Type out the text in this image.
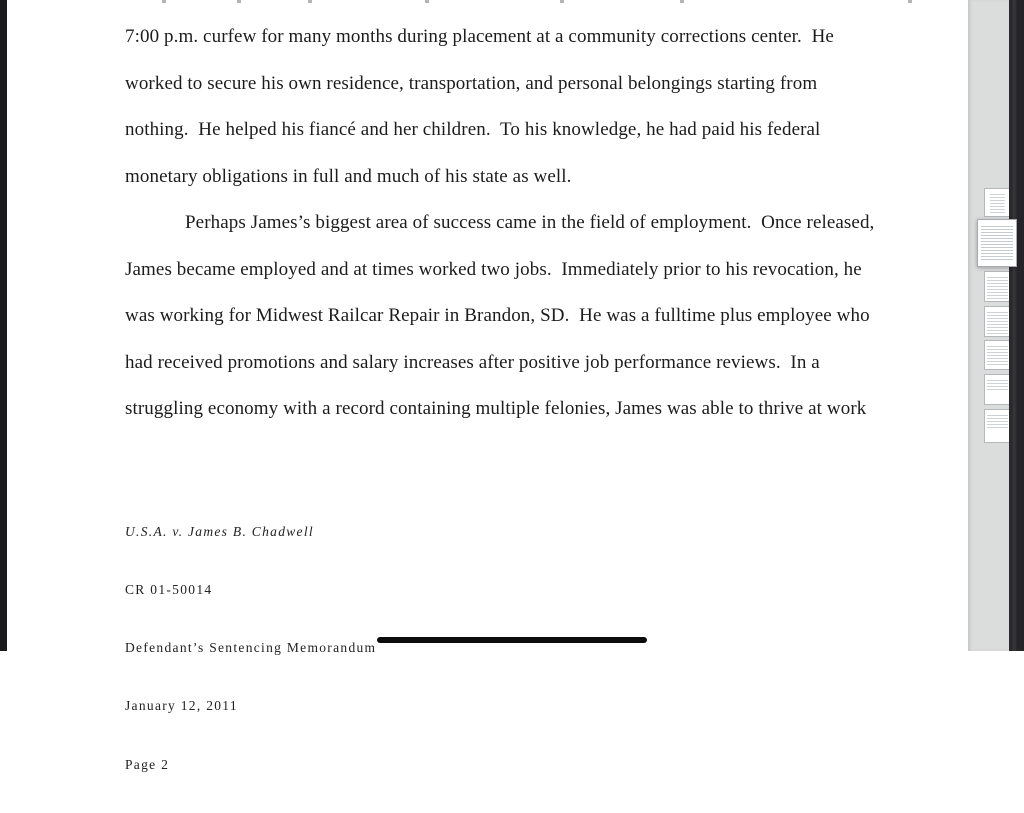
7:00 p.m. curfew for many months during placement at a community corrections center.  He
worked to secure his own residence, transportation, and personal belongings starting from
nothing.  He helped his fiancé and her children.  To his knowledge, he had paid his federal
monetary obligations in full and much of his state as well.
Perhaps James’s biggest area of success came in the field of employment.  Once released,
James became employed and at times worked two jobs.  Immediately prior to his revocation, he
was working for Midwest Railcar Repair in Brandon, SD.  He was a fulltime plus employee who
had received promotions and salary increases after positive job performance reviews.  In a
struggling economy with a record containing multiple felonies, James was able to thrive at work

U.S.A. v. James B. Chadwell

CR 01-50014

Defendant’s Sentencing Memorandum

January 12, 2011

Page 2
